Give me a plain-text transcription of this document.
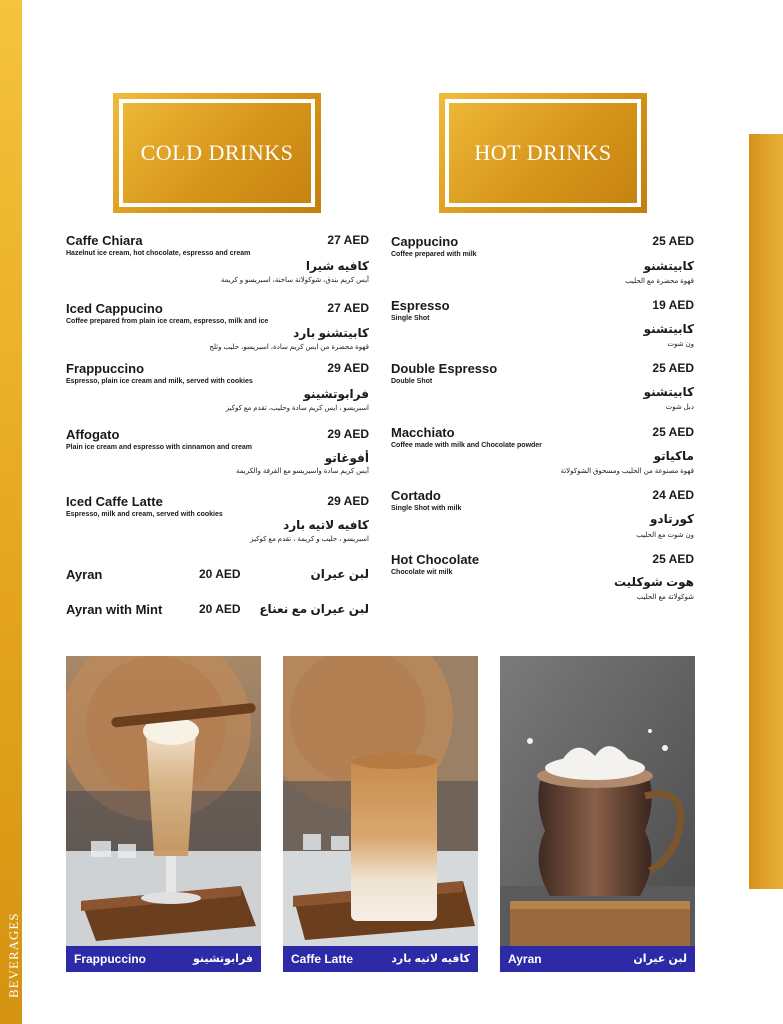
BEVERAGES
COLD DRINKS	HOT DRINKS
Caffe Chiara	27 AED
Hazelnut ice cream, hot chocolate, espresso and cream
كافيه شيرا
آيس كريم بندق، شوكولاتة ساخنة، اسبريسو و كريمة
Iced Cappucino	27 AED
Coffee prepared from plain ice cream, espresso, milk and ice
كابيتشنو بارد
قهوة محضرة من ايس كريم سادة، اسبريسو، حليب وثلج
Frappuccino	29 AED
Espresso, plain ice cream and milk, served with cookies
فرابوتشينو
اسبريسو ، ايس كريم سادة وحليب، تقدم مع كوكيز
Affogato	29 AED
Plain ice cream and espresso with cinnamon and cream
أفوغاتو
آيس كريم سادة واسبريسو مع القرفة والكريمة
Iced Caffe Latte	29 AED
Espresso, milk and cream, served with cookies
كافيه لاتيه بارد
اسبريسو ، حليب و كريمة ، تقدم مع كوكيز
Ayran	20 AED	لبن عيران
Ayran with Mint	20 AED لبن عيران مع نعناع
Cappucino	25 AED
Coffee prepared with milk
كابيتشنو
قهوة محضرة مع الحليب
Espresso	19 AED
Single Shot
كابيتشنو
ون شوت
Double Espresso	25 AED
Double Shot
كابيتشنو
دبل شوت
Macchiato	25 AED
Coffee made with milk and Chocolate powder
ماكياتو
قهوة مصنوعة من الحليب ومسحوق الشوكولاتة
Cortado	24 AED
Single Shot with milk
كورتادو
ون شوت مع الحليب
Hot Chocolate	25 AED
Chocolate wit milk
هوت شوكليت
شوكولاتة مع الحليب
Frappuccino	فرابوتشينو	Caffe Latte	كافيه لاتيه بارد	Ayran	لبن عيران
